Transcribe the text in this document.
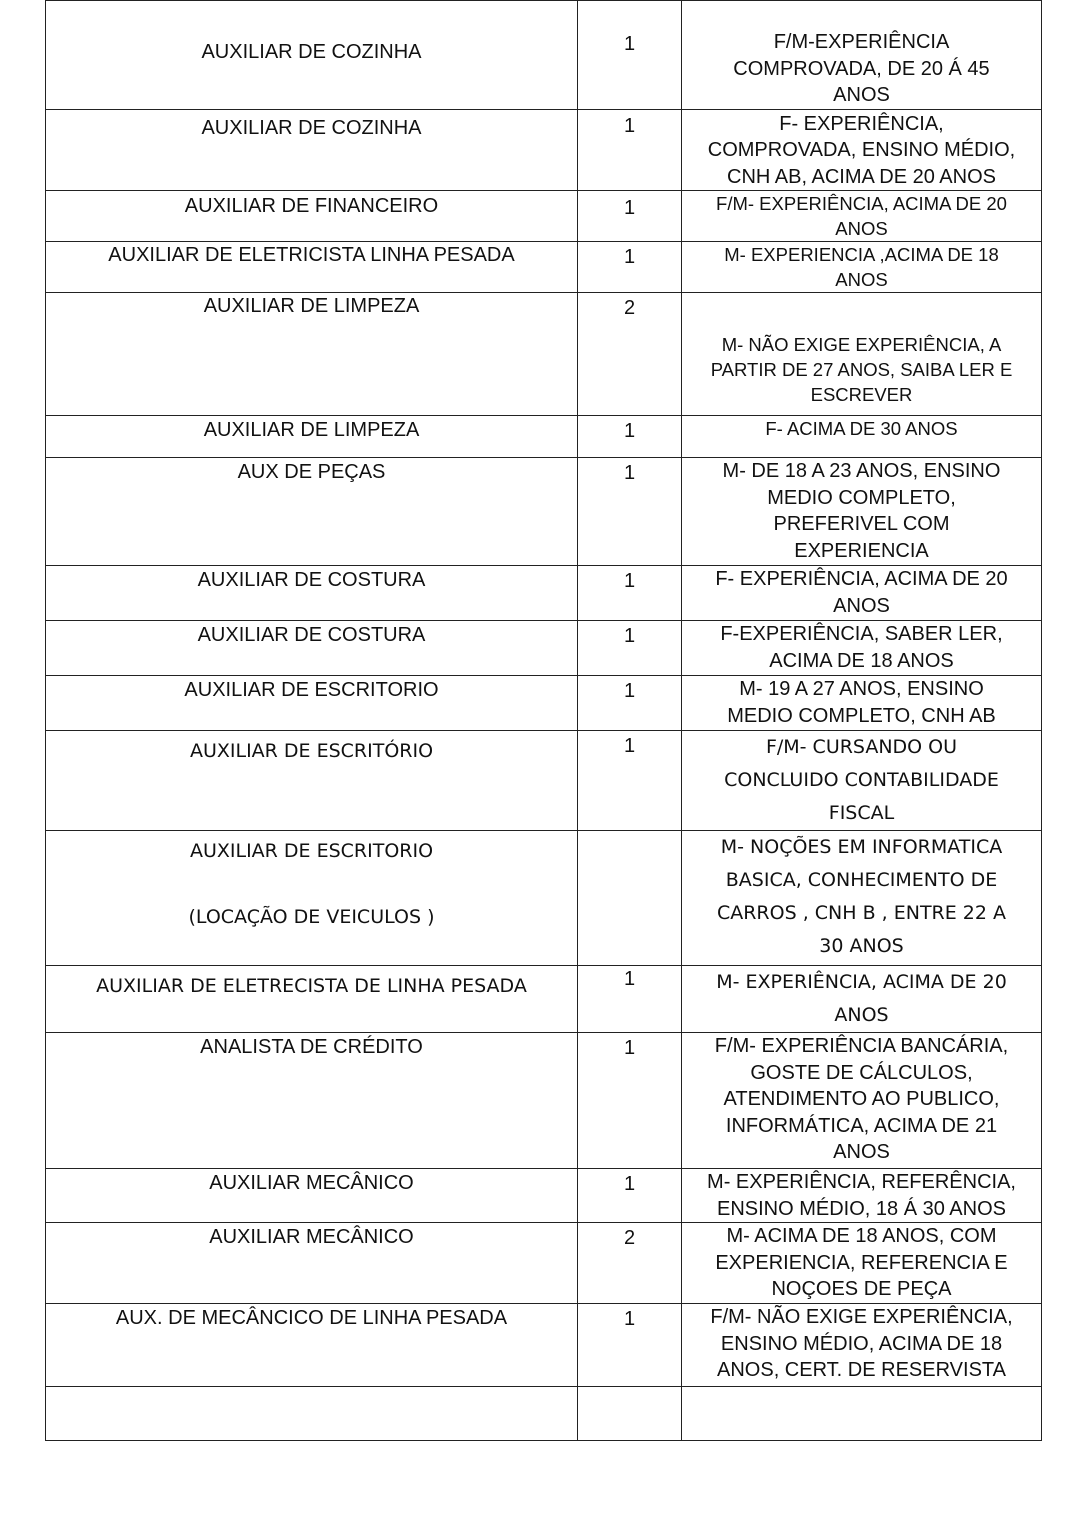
AUXILIAR DE COZINHA	1	F/M-EXPERIÊNCIA
COMPROVADA, DE 20 Á 45
ANOS
AUXILIAR DE COZINHA	1	F- EXPERIÊNCIA,
COMPROVADA, ENSINO MÉDIO,
CNH AB, ACIMA DE 20 ANOS
AUXILIAR DE FINANCEIRO	1	F/M- EXPERIÊNCIA, ACIMA DE 20
ANOS
AUXILIAR DE ELETRICISTA LINHA PESADA	1	M- EXPERIENCIA ,ACIMA DE 18
ANOS
AUXILIAR DE LIMPEZA	2	
M- NÃO EXIGE EXPERIÊNCIA, A
PARTIR DE 27 ANOS, SAIBA LER E
ESCREVER
AUXILIAR DE LIMPEZA	1	F- ACIMA DE 30 ANOS
AUX DE PEÇAS	1	M- DE 18 A 23 ANOS, ENSINO
MEDIO COMPLETO,
PREFERIVEL COM
EXPERIENCIA
AUXILIAR DE COSTURA	1	F- EXPERIÊNCIA, ACIMA DE 20
ANOS
AUXILIAR DE COSTURA	1	F-EXPERIÊNCIA, SABER LER,
ACIMA DE 18 ANOS
AUXILIAR DE ESCRITORIO	1	M- 19 A 27 ANOS, ENSINO
MEDIO COMPLETO, CNH AB
AUXILIAR DE ESCRITÓRIO	1	F/M- CURSANDO OU
CONCLUIDO CONTABILIDADE
FISCAL
AUXILIAR DE ESCRITORIO

(LOCAÇÃO DE VEICULOS )		M- NOÇÕES EM INFORMATICA
BASICA, CONHECIMENTO DE
CARROS , CNH B , ENTRE 22 A
30 ANOS
AUXILIAR DE ELETRECISTA DE LINHA PESADA	1	M- EXPERIÊNCIA, ACIMA DE 20
ANOS
ANALISTA DE CRÉDITO	1	F/M- EXPERIÊNCIA BANCÁRIA,
GOSTE DE CÁLCULOS,
ATENDIMENTO AO PUBLICO,
INFORMÁTICA, ACIMA DE 21
ANOS
AUXILIAR MECÂNICO	1	M- EXPERIÊNCIA, REFERÊNCIA,
ENSINO MÉDIO, 18 Á 30 ANOS
AUXILIAR MECÂNICO	2	M- ACIMA DE 18 ANOS, COM
EXPERIENCIA, REFERENCIA E
NOÇOES DE PEÇA
AUX. DE MECÂNCICO DE LINHA PESADA	1	F/M- NÃO EXIGE EXPERIÊNCIA,
ENSINO MÉDIO, ACIMA DE 18
ANOS, CERT. DE RESERVISTA
